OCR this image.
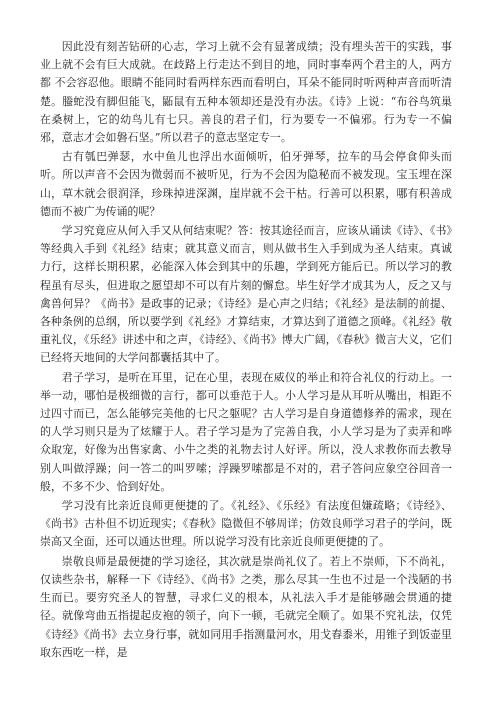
因此没有刻苦钻研的心志，学习上就不会有显著成绩；没有埋头苦干的实践，事业上就不会有巨大成就。在歧路上行走达不到目的地，同时事奉两个君主的人，两方都 不会容忍他。眼睛不能同时看两样东西而看明白，耳朵不能同时听两种声音而听清楚。螣蛇没有脚但能飞，鼫鼠有五种本领却还是没有办法。《诗》上说：“布谷鸟筑巢在桑树上，它的幼鸟儿有七只。善良的君子们，行为要专一不偏邪。行为专一不偏邪，意志才会如磐石坚。”所以君子的意志坚定专一。

古有瓠巴弹瑟，水中鱼儿也浮出水面倾听，伯牙弹琴，拉车的马会停食仰头而听。所以声音不会因为微弱而不被听见，行为不会因为隐秘而不被发现。宝玉埋在深山，草木就会很润泽，珍珠掉进深渊，崖岸就不会干枯。行善可以积累，哪有积善成德而不被广为传诵的呢？

学习究竟应从何入手又从何结束呢？答：按其途径而言，应该从诵读《诗》、《书》等经典入手到《礼经》结束；就其意义而言，则从做书生入手到成为圣人结束。真诚力行，这样长期积累，必能深入体会到其中的乐趣，学到死方能后已。所以学习的教程虽有尽头，但进取之愿望却不可以有片刻的懈怠。毕生好学才成其为人，反之又与禽兽何异？《尚书》是政事的记录；《诗经》是心声之归结；《礼经》是法制的前提、各种条例的总纲，所以要学到《礼经》才算结束，才算达到了道德之顶峰。《礼经》敬重礼仪，《乐经》讲述中和之声，《诗经》、《尚书》博大广阔，《春秋》微言大义，它们已经将天地间的大学问都囊括其中了。

君子学习，是听在耳里，记在心里，表现在威仪的举止和符合礼仪的行动上。一举一动，哪怕是极细微的言行，都可以垂范于人。小人学习是从耳听从嘴出，相距不过四寸而已，怎么能够完美他的七尺之躯呢？古人学习是自身道德修养的需求，现在的人学习则只是为了炫耀于人。君子学习是为了完善自我，小人学习是为了卖弄和哗众取宠，好像为出售家禽、小牛之类的礼物去讨人好评。所以，没人求教你而去教导别人叫做浮躁；问一答二的叫罗嗦；浮躁罗嗦都是不对的，君子答问应象空谷回音一般，不多不少、恰到好处。

学习没有比亲近良师更便捷的了。《礼经》、《乐经》有法度但嫌疏略；《诗经》、《尚书》古朴但不切近现实；《春秋》隐微但不够周详；仿效良师学习君子的学问，既崇高又全面，还可以通达世理。所以说学习没有比亲近良师更便捷的了。

崇敬良师是最便捷的学习途径，其次就是崇尚礼仪了。若上不崇师，下不尚礼，仅读些杂书，解释一下《诗经》、《尚书》之类，那么尽其一生也不过是一个浅陋的书生而已。要穷究圣人的智慧，寻求仁义的根本，从礼法入手才是能够融会贯通的捷径。就像弯曲五指提起皮袍的领子，向下一顿，毛就完全顺了。如果不究礼法，仅凭《诗经》《尚书》去立身行事，就如同用手指测量河水，用戈舂黍米，用锥子到饭壶里取东西吃一样，是
